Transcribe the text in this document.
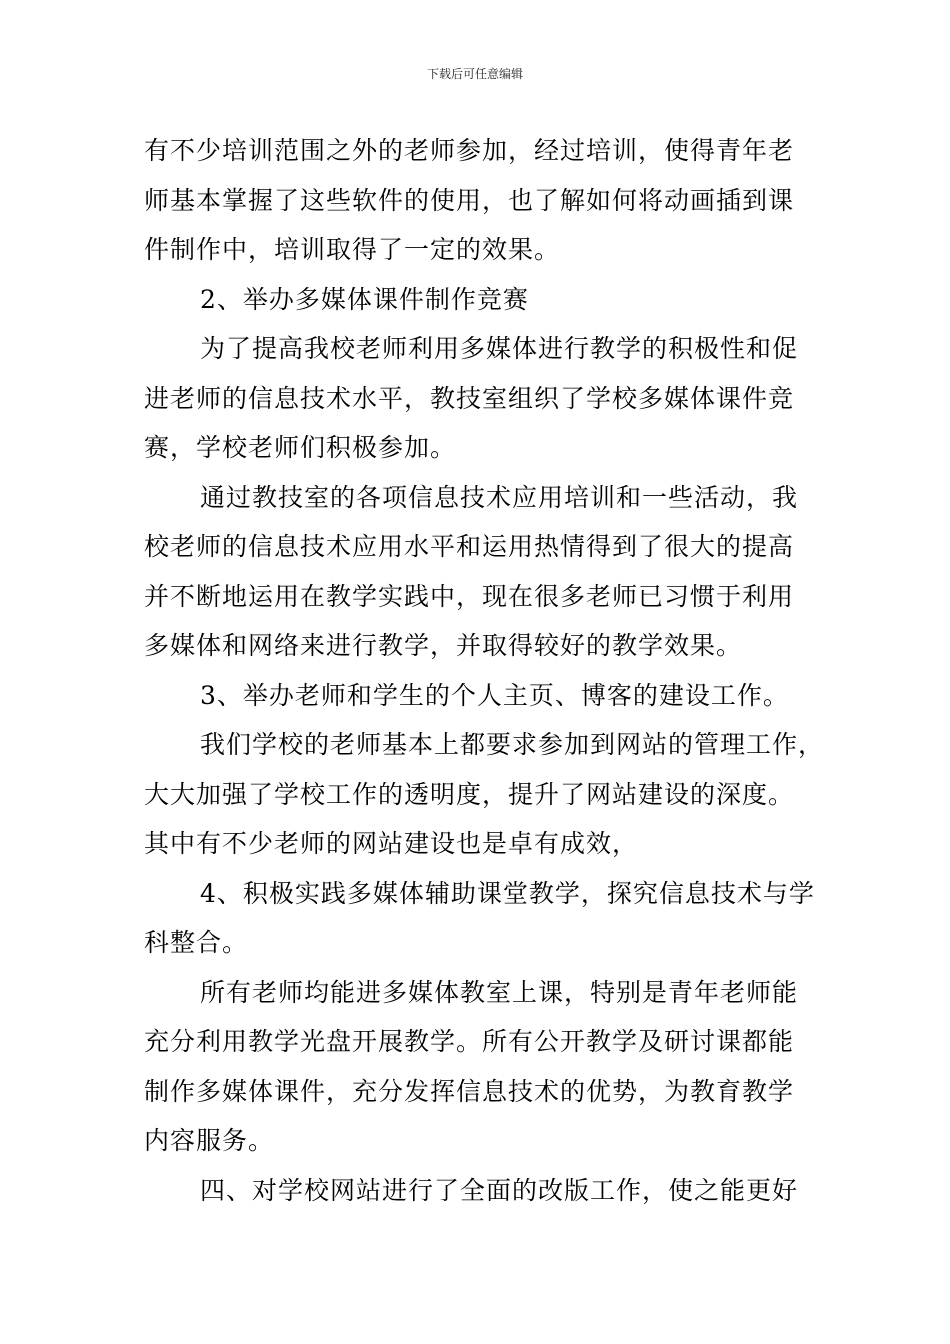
下载后可任意编辑
有不少培训范围之外的老师参加，经过培训，使得青年老
师基本掌握了这些软件的使用，也了解如何将动画插到课
件制作中，培训取得了一定的效果。
2、举办多媒体课件制作竞赛
为了提高我校老师利用多媒体进行教学的积极性和促
进老师的信息技术水平，教技室组织了学校多媒体课件竞
赛，学校老师们积极参加。
通过教技室的各项信息技术应用培训和一些活动，我
校老师的信息技术应用水平和运用热情得到了很大的提高
并不断地运用在教学实践中，现在很多老师已习惯于利用
多媒体和网络来进行教学，并取得较好的教学效果。
3、举办老师和学生的个人主页、博客的建设工作。
我们学校的老师基本上都要求参加到网站的管理工作，
大大加强了学校工作的透明度，提升了网站建设的深度。
其中有不少老师的网站建设也是卓有成效，
4、积极实践多媒体辅助课堂教学，探究信息技术与学
科整合。
所有老师均能进多媒体教室上课，特别是青年老师能
充分利用教学光盘开展教学。所有公开教学及研讨课都能
制作多媒体课件，充分发挥信息技术的优势，为教育教学
内容服务。
四、对学校网站进行了全面的改版工作，使之能更好
